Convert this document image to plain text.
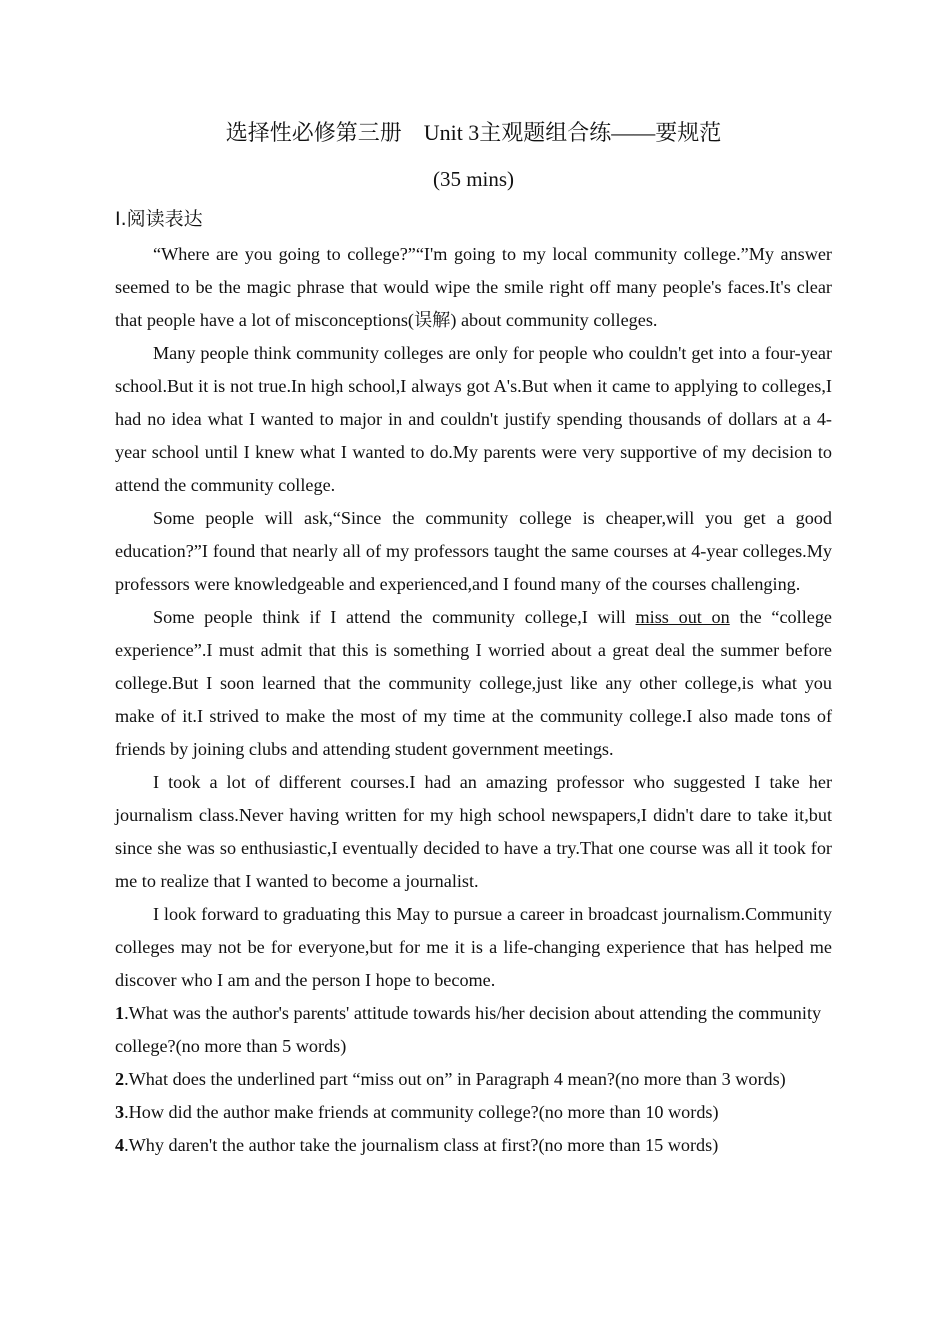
选择性必修第三册　Unit 3主观题组合练——要规范
(35 mins)
Ⅰ.阅读表达

“Where are you going to college?”“I'm going to my local community college.”My answer seemed to be the magic phrase that would wipe the smile right off many people's faces.It's clear that people have a lot of misconceptions(误解) about community colleges.

Many people think community colleges are only for people who couldn't get into a four-year school.But it is not true.In high school,I always got A's.But when it came to applying to colleges,I had no idea what I wanted to major in and couldn't justify spending thousands of dollars at a 4-year school until I knew what I wanted to do.My parents were very supportive of my decision to attend the community college.

Some people will ask,“Since the community college is cheaper,will you get a good education?”I found that nearly all of my professors taught the same courses at 4-year colleges.My professors were knowledgeable and experienced,and I found many of the courses challenging.

Some people think if I attend the community college,I will miss out on the “college experience”.I must admit that this is something I worried about a great deal the summer before college.But I soon learned that the community college,just like any other college,is what you make of it.I strived to make the most of my time at the community college.I also made tons of friends by joining clubs and attending student government meetings.

I took a lot of different courses.I had an amazing professor who suggested I take her journalism class.Never having written for my high school newspapers,I didn't dare to take it,but since she was so enthusiastic,I eventually decided to have a try.That one course was all it took for me to realize that I wanted to become a journalist.

I look forward to graduating this May to pursue a career in broadcast journalism.Community colleges may not be for everyone,but for me it is a life-changing experience that has helped me discover who I am and the person I hope to become.

1.What was the author's parents' attitude towards his/her decision about attending the community college?(no more than 5 words)

2.What does the underlined part “miss out on” in Paragraph 4 mean?(no more than 3 words)

3.How did the author make friends at community college?(no more than 10 words)

4.Why daren't the author take the journalism class at first?(no more than 15 words)
